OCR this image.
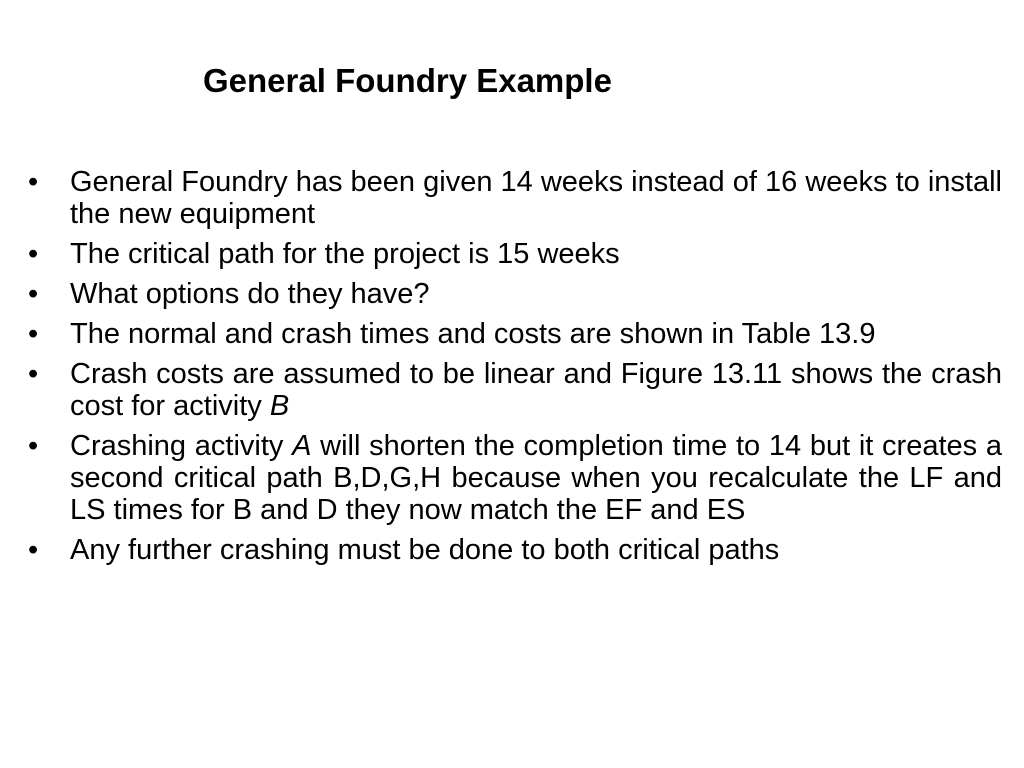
General Foundry Example
•	General Foundry has been given 14 weeks instead of 16 weeks to install the new equipment
•	The critical path for the project is 15 weeks
•	What options do they have?
•	The normal and crash times and costs are shown in Table 13.9
•	Crash costs are assumed to be linear and Figure 13.11 shows the crash cost for activity B
•	Crashing activity A will shorten the completion time to 14 but it creates a second critical path B,D,G,H because when you recalculate the LF and LS times for B and D they now match the EF and ES
•	Any further crashing must be done to both critical paths
